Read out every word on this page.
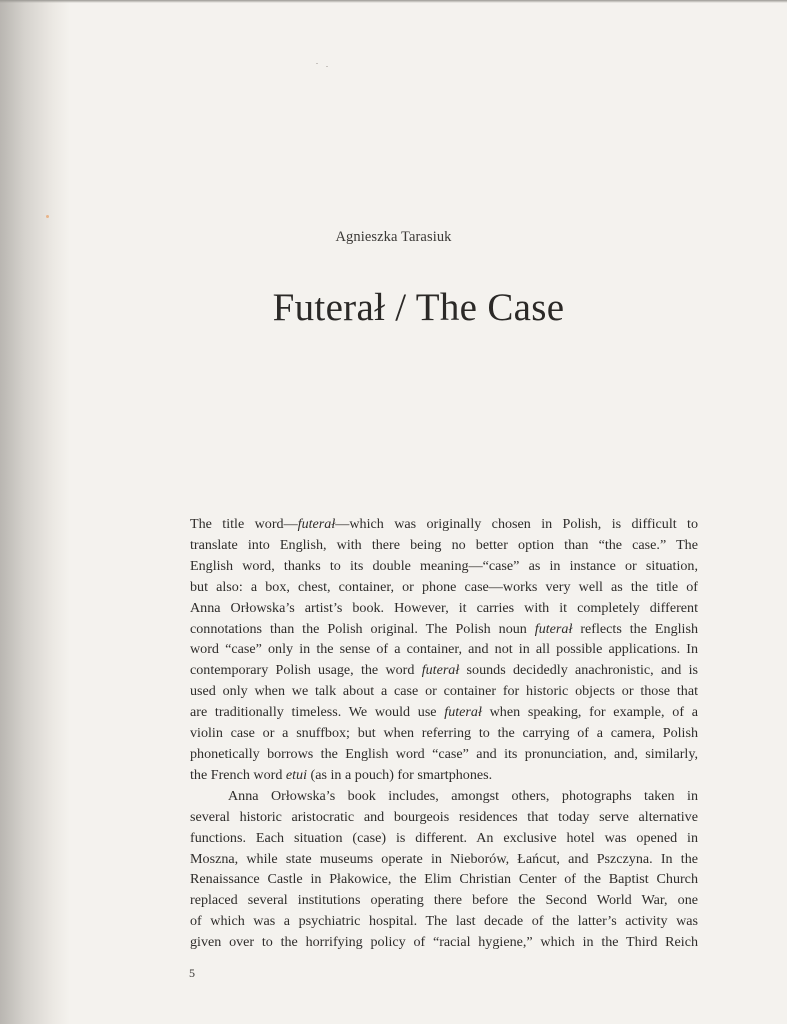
Agnieszka Tarasiuk
Futerał / The Case

The title word—futerał—which was originally chosen in Polish, is difficult to
translate into English, with there being no better option than “the case.” The
English word, thanks to its double meaning—“case” as in instance or situation,
but also: a box, chest, container, or phone case—works very well as the title of
Anna Orłowska’s artist’s book. However, it carries with it completely different
connotations than the Polish original. The Polish noun futerał reflects the English
word “case” only in the sense of a container, and not in all possible applications. In
contemporary Polish usage, the word futerał sounds decidedly anachronistic, and is
used only when we talk about a case or container for historic objects or those that
are traditionally timeless. We would use futerał when speaking, for example, of a
violin case or a snuffbox; but when referring to the carrying of a camera, Polish
phonetically borrows the English word “case” and its pronunciation, and, similarly,
the French word etui (as in a pouch) for smartphones.

Anna Orłowska’s book includes, amongst others, photographs taken in
several historic aristocratic and bourgeois residences that today serve alternative
functions. Each situation (case) is different. An exclusive hotel was opened in
Moszna, while state museums operate in Nieborów, Łańcut, and Pszczyna. In the
Renaissance Castle in Płakowice, the Elim Christian Center of the Baptist Church
replaced several institutions operating there before the Second World War, one
of which was a psychiatric hospital. The last decade of the latter’s activity was
given over to the horrifying policy of “racial hygiene,” which in the Third Reich

5
